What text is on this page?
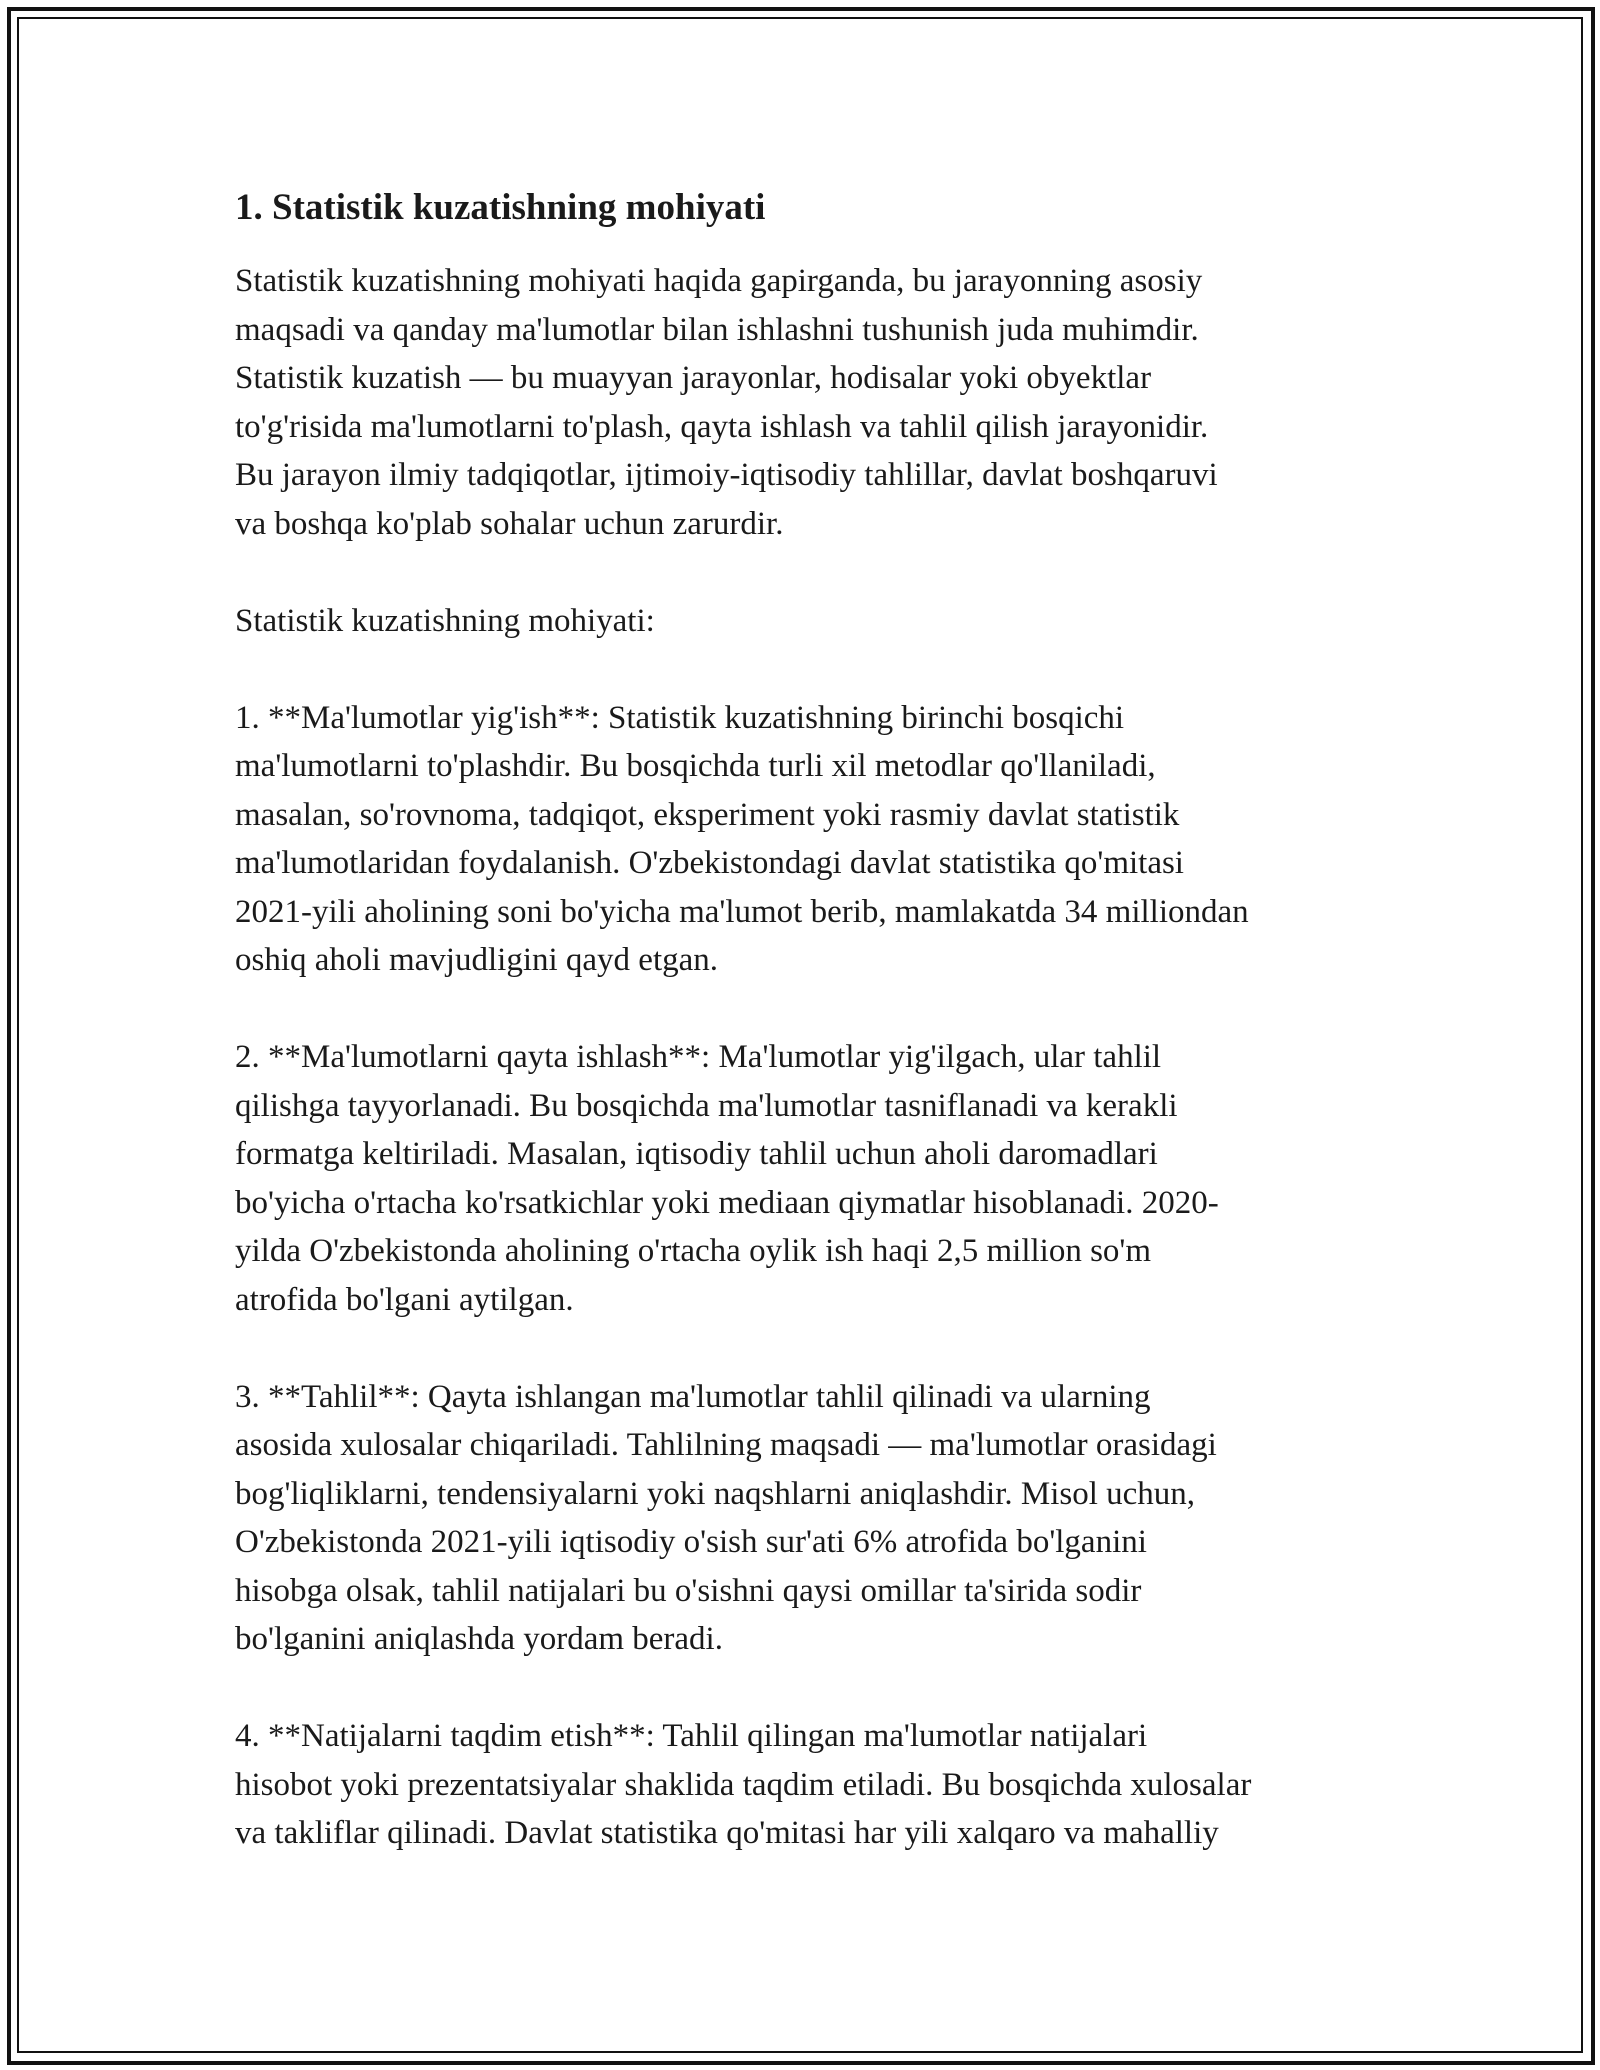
1. Statistik kuzatishning mohiyati

Statistik kuzatishning mohiyati haqida gapirganda, bu jarayonning asosiy
maqsadi va qanday ma'lumotlar bilan ishlashni tushunish juda muhimdir.
Statistik kuzatish — bu muayyan jarayonlar, hodisalar yoki obyektlar
to'g'risida ma'lumotlarni to'plash, qayta ishlash va tahlil qilish jarayonidir.
Bu jarayon ilmiy tadqiqotlar, ijtimoiy-iqtisodiy tahlillar, davlat boshqaruvi
va boshqa ko'plab sohalar uchun zarurdir.

Statistik kuzatishning mohiyati:

1. **Ma'lumotlar yig'ish**: Statistik kuzatishning birinchi bosqichi
ma'lumotlarni to'plashdir. Bu bosqichda turli xil metodlar qo'llaniladi,
masalan, so'rovnoma, tadqiqot, eksperiment yoki rasmiy davlat statistik
ma'lumotlaridan foydalanish. O'zbekistondagi davlat statistika qo'mitasi
2021-yili aholining soni bo'yicha ma'lumot berib, mamlakatda 34 milliondan
oshiq aholi mavjudligini qayd etgan.

2. **Ma'lumotlarni qayta ishlash**: Ma'lumotlar yig'ilgach, ular tahlil
qilishga tayyorlanadi. Bu bosqichda ma'lumotlar tasniflanadi va kerakli
formatga keltiriladi. Masalan, iqtisodiy tahlil uchun aholi daromadlari
bo'yicha o'rtacha ko'rsatkichlar yoki mediaan qiymatlar hisoblanadi. 2020-
yilda O'zbekistonda aholining o'rtacha oylik ish haqi 2,5 million so'm
atrofida bo'lgani aytilgan.

3. **Tahlil**: Qayta ishlangan ma'lumotlar tahlil qilinadi va ularning
asosida xulosalar chiqariladi. Tahlilning maqsadi — ma'lumotlar orasidagi
bog'liqliklarni, tendensiyalarni yoki naqshlarni aniqlashdir. Misol uchun,
O'zbekistonda 2021-yili iqtisodiy o'sish sur'ati 6% atrofida bo'lganini
hisobga olsak, tahlil natijalari bu o'sishni qaysi omillar ta'sirida sodir
bo'lganini aniqlashda yordam beradi.

4. **Natijalarni taqdim etish**: Tahlil qilingan ma'lumotlar natijalari
hisobot yoki prezentatsiyalar shaklida taqdim etiladi. Bu bosqichda xulosalar
va takliflar qilinadi. Davlat statistika qo'mitasi har yili xalqaro va mahalliy
